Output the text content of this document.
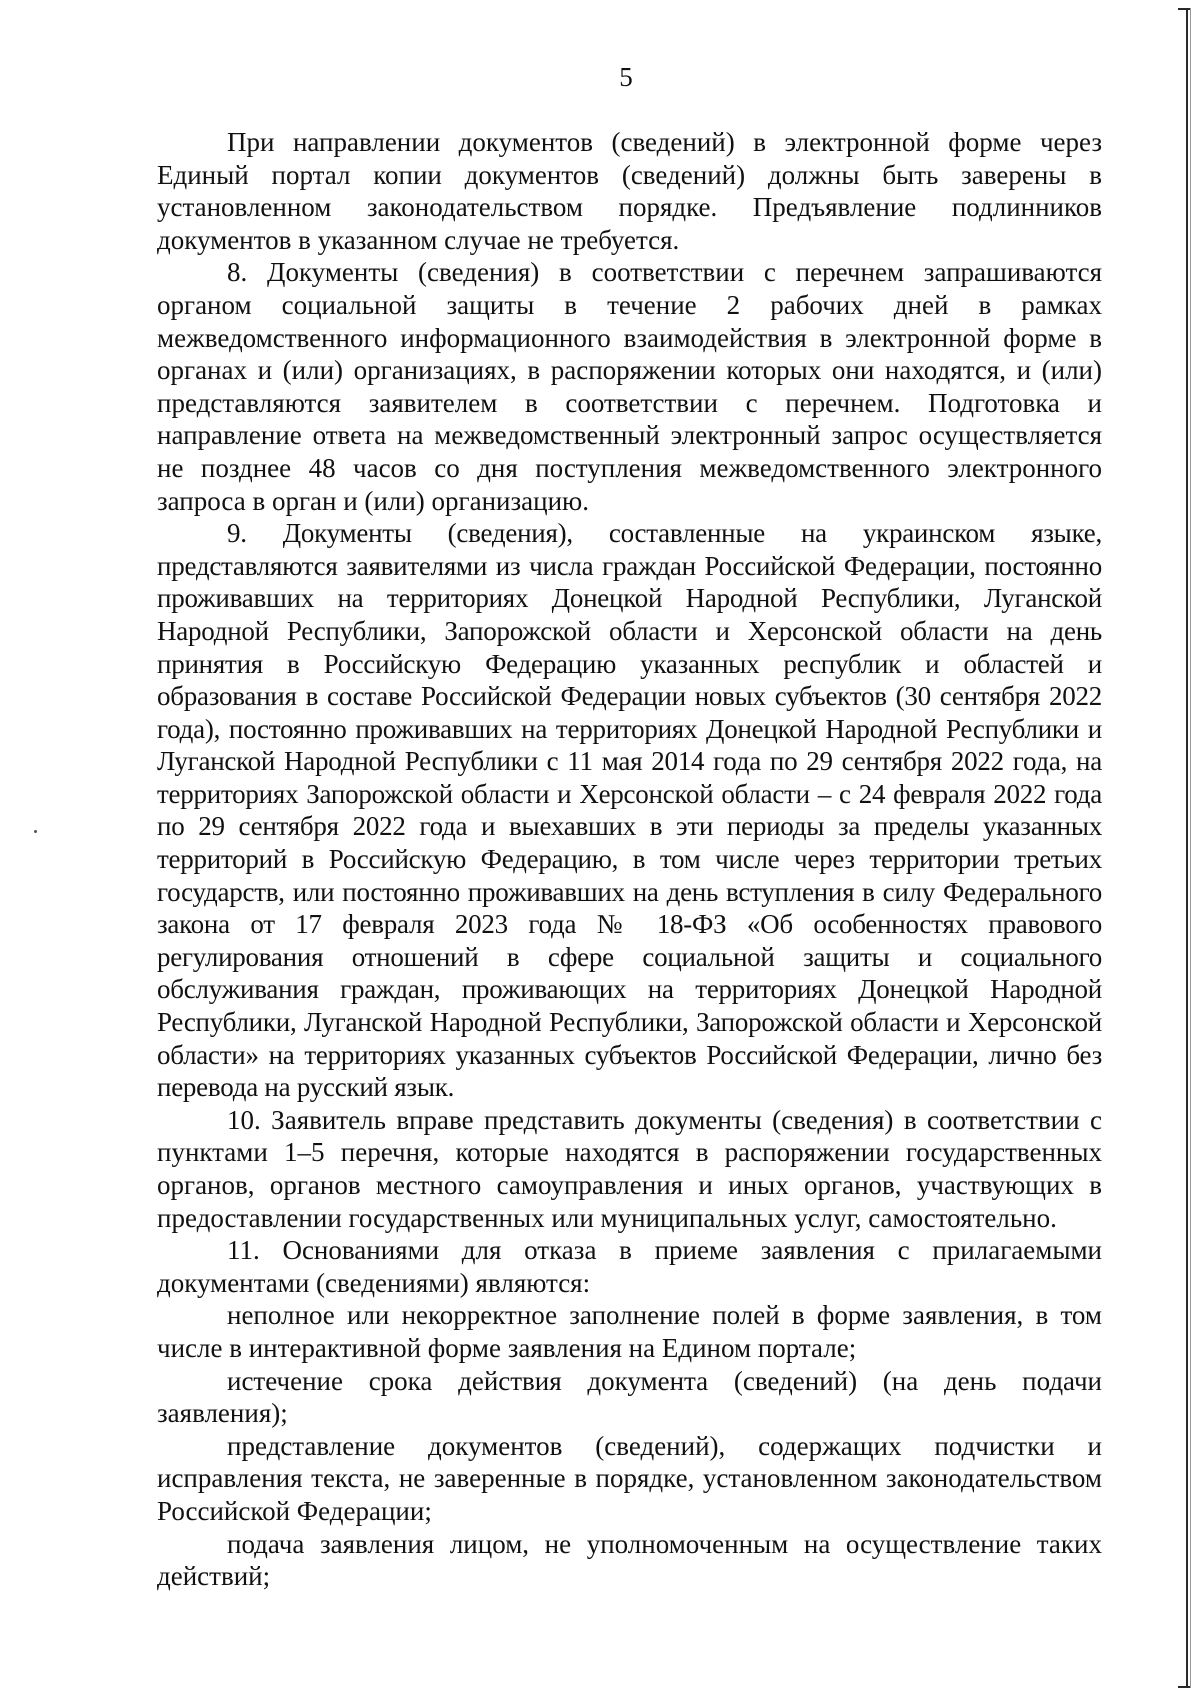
5

При направлении документов (сведений) в электронной форме через Единый портал копии документов (сведений) должны быть заверены в установленном законодательством порядке. Предъявление подлинников документов в указанном случае не требуется.

8. Документы (сведения) в соответствии с перечнем запрашиваются органом социальной защиты в течение 2 рабочих дней в рамках межведомственного информационного взаимодействия в электронной форме в органах и (или) организациях, в распоряжении которых они находятся, и (или) представляются заявителем в соответствии с перечнем. Подготовка и направление ответа на межведомственный электронный запрос осуществляется не позднее 48 часов со дня поступления межведомственного электронного запроса в орган и (или) организацию.

9. Документы (сведения), составленные на украинском языке, представляются заявителями из числа граждан Российской Федерации, постоянно проживавших на территориях Донецкой Народной Республики, Луганской Народной Республики, Запорожской области и Херсонской области на день принятия в Российскую Федерацию указанных республик и областей и образования в составе Российской Федерации новых субъектов (30 сентября 2022 года), постоянно проживавших на территориях Донецкой Народной Республики и Луганской Народной Республики с 11 мая 2014 года по 29 сентября 2022 года, на территориях Запорожской области и Херсонской области – с 24 февраля 2022 года по 29 сентября 2022 года и выехавших в эти периоды за пределы указанных территорий в Российскую Федерацию, в том числе через территории третьих государств, или постоянно проживавших на день вступления в силу Федерального закона от 17 февраля 2023 года № 18-ФЗ «Об особенностях правового регулирования отношений в сфере социальной защиты и социального обслуживания граждан, проживающих на территориях Донецкой Народной Республики, Луганской Народной Республики, Запорожской области и Херсонской области» на территориях указанных субъектов Российской Федерации, лично без перевода на русский язык.

10. Заявитель вправе представить документы (сведения) в соответствии с пунктами 1–5 перечня, которые находятся в распоряжении государственных органов, органов местного самоуправления и иных органов, участвующих в предоставлении государственных или муниципальных услуг, самостоятельно.

11. Основаниями для отказа в приеме заявления с прилагаемыми документами (сведениями) являются:

неполное или некорректное заполнение полей в форме заявления, в том числе в интерактивной форме заявления на Едином портале;

истечение срока действия документа (сведений) (на день подачи заявления);

представление документов (сведений), содержащих подчистки и исправления текста, не заверенные в порядке, установленном законодательством Российской Федерации;

подача заявления лицом, не уполномоченным на осуществление таких действий;
